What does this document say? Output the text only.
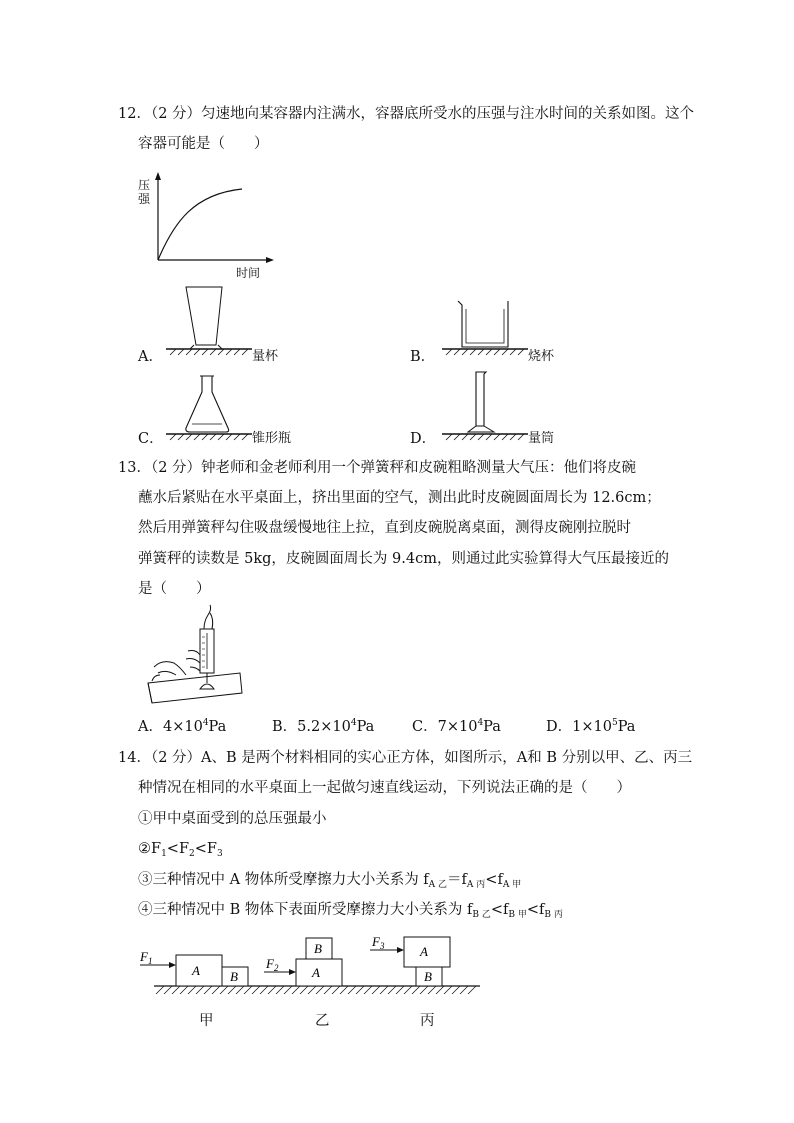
12．（2 分）匀速地向某容器内注满水，容器底所受水的压强与注水时间的关系如图。这个
容器可能是（　　）
压
强
时间
A．	量杯	B．	烧杯
C．	锥形瓶	D．	量筒
13．（2 分）钟老师和金老师利用一个弹簧秤和皮碗粗略测量大气压：他们将皮碗
蘸水后紧贴在水平桌面上，挤出里面的空气，测出此时皮碗圆面周长为 12.6cm；
然后用弹簧秤勾住吸盘缓慢地往上拉，直到皮碗脱离桌面，测得皮碗刚拉脱时
弹簧秤的读数是 5kg，皮碗圆面周长为 9.4cm，则通过此实验算得大气压最接近的
是（　　）
A．$4\times 10^4Pa$	B．$5.2\times 10^4Pa$	C．$7\times 10^4Pa$	D．$1\times 10^5Pa$
14．（2 分）A、B 是两个材料相同的实心正方体，如图所示，A和 B 分别以甲、乙、丙三
种情况在相同的水平桌面上一起做匀速直线运动，下列说法正确的是（　　）
①甲中桌面受到的总压强最小
$②F_1<F_2<F_3$
③三种情况中 A 物体所受摩擦力大小关系为 $f_{A 乙}=f_{A 丙}<f_{A 甲}$
④三种情况中 B 物体下表面所受摩擦力大小关系为 $f_{B 乙}<f_{B 甲}<f_{B 丙}$
$F_1$
A B
$F_2$	A
B	$F_3$	A
B
甲	乙	丙
